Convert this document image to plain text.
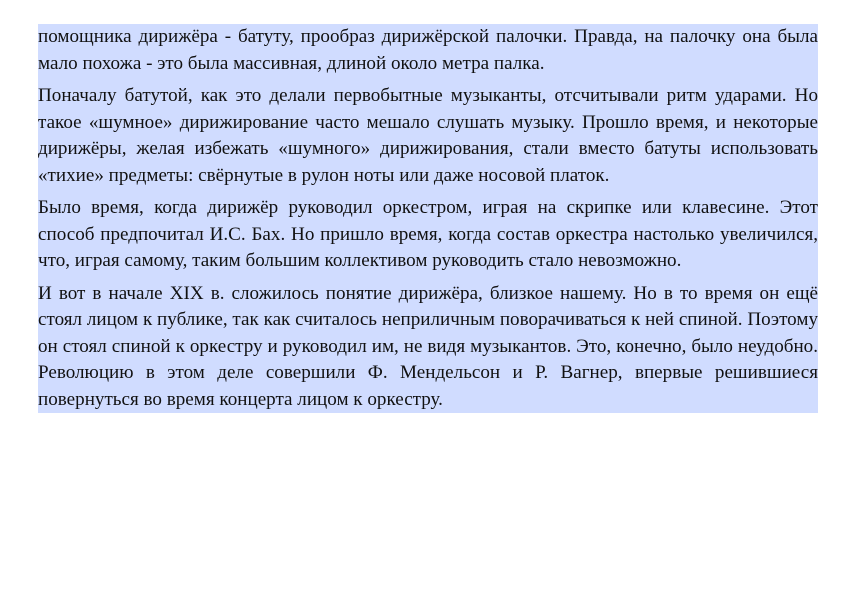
помощника дирижёра - батуту, прообраз дирижёрской палочки. Правда, на палочку она была мало похожа - это была массивная, длиной около метра палка.

Поначалу батутой, как это делали первобытные музыканты, отсчитывали ритм ударами. Но такое «шумное» дирижирование часто мешало слушать музыку. Прошло время, и некоторые дирижёры, желая избежать «шумного» дирижирования, стали вместо батуты использовать «тихие» предметы: свёрнутые в рулон ноты или даже носовой платок.

Было время, когда дирижёр руководил оркестром, играя на скрипке или клавесине. Этот способ предпочитал И.С. Бах. Но пришло время, когда состав оркестра настолько увеличился, что, играя самому, таким большим коллективом руководить стало невозможно.

И вот в начале XIX в. сложилось понятие дирижёра, близкое нашему. Но в то время он ещё стоял лицом к публике, так как считалось неприличным поворачиваться к ней спиной. Поэтому он стоял спиной к оркестру и руководил им, не видя музыкантов. Это, конечно, было неудобно. Революцию в этом деле совершили Ф. Мендельсон и Р. Вагнер, впервые решившиеся повернуться во время концерта лицом к оркестру.
